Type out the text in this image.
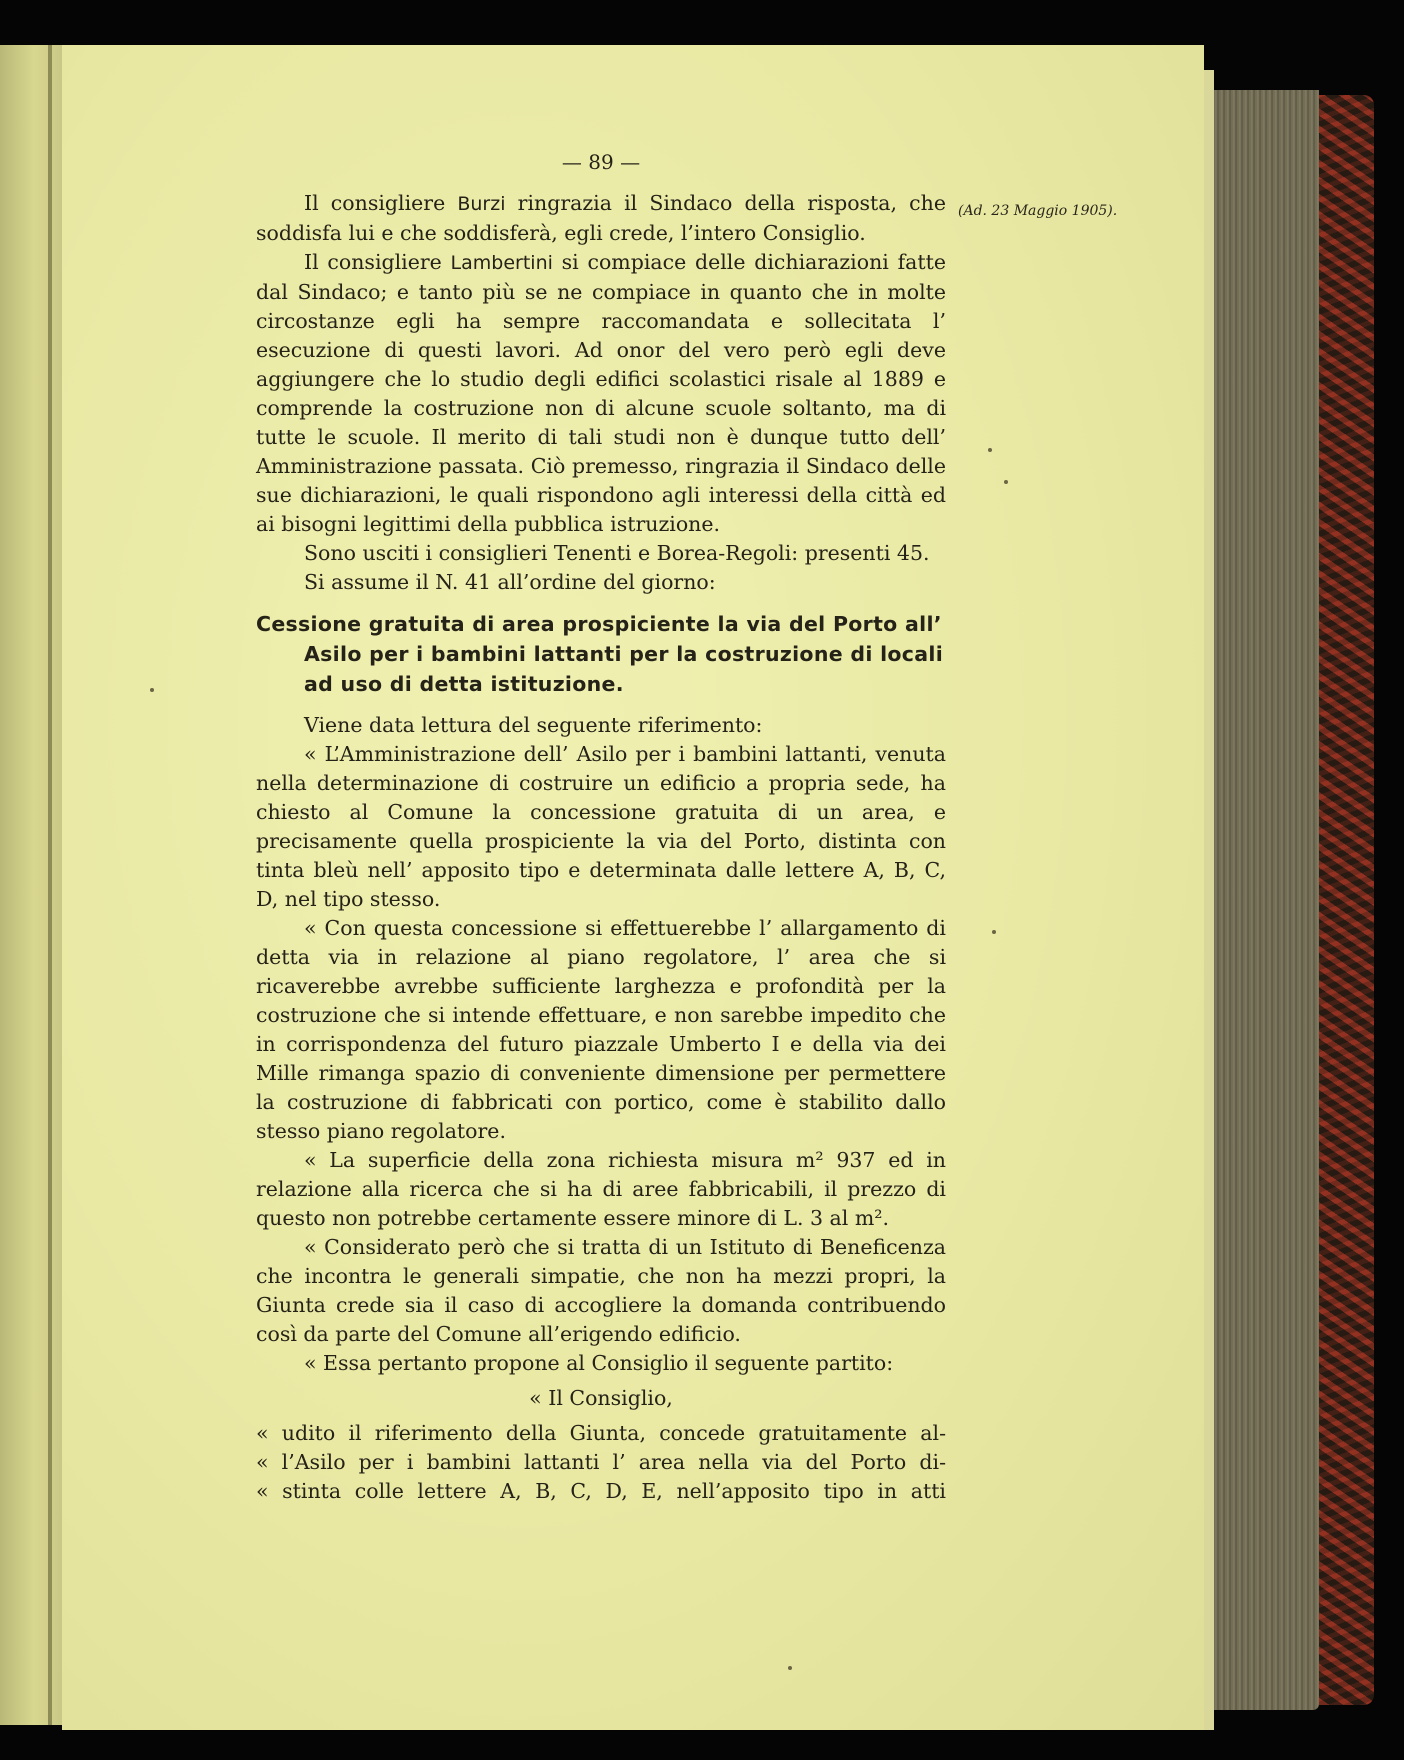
(Ad. 23 Maggio 1905).
— 89 —

Il consigliere Burzi ringrazia il Sindaco della risposta, che soddisfa lui e che soddisferà, egli crede, l’intero Consiglio.

Il consigliere Lambertini si compiace delle dichiarazioni fatte dal Sindaco; e tanto più se ne compiace in quanto che in molte circostanze egli ha sempre raccomandata e sollecitata l’ esecuzione di questi lavori. Ad onor del vero però egli deve aggiungere che lo studio degli edifici scolastici risale al 1889 e comprende la costruzione non di alcune scuole soltanto, ma di tutte le scuole. Il merito di tali studi non è dunque tutto dell’ Amministrazione passata. Ciò premesso, ringrazia il Sindaco delle sue dichiarazioni, le quali rispondono agli interessi della città ed ai bisogni legittimi della pubblica istruzione.

Sono usciti i consiglieri Tenenti e Borea-Regoli: presenti 45.

Si assume il N. 41 all’ordine del giorno:

Cessione gratuita di area prospiciente la via del Porto all’ Asilo per i bambini lattanti per la costruzione di locali ad uso di detta istituzione.

Viene data lettura del seguente riferimento:

« L’Amministrazione dell’ Asilo per i bambini lattanti, venuta nella determinazione di costruire un edificio a propria sede, ha chiesto al Comune la concessione gratuita di un area, e precisamente quella prospiciente la via del Porto, distinta con tinta bleù nell’ apposito tipo e determinata dalle lettere A, B, C, D, nel tipo stesso.

« Con questa concessione si effettuerebbe l’ allargamento di detta via in relazione al piano regolatore, l’ area che si ricaverebbe avrebbe sufficiente larghezza e profondità per la costruzione che si intende effettuare, e non sarebbe impedito che in corrispondenza del futuro piazzale Umberto I e della via dei Mille rimanga spazio di conveniente dimensione per permettere la costruzione di fabbricati con portico, come è stabilito dallo stesso piano regolatore.

« La superficie della zona richiesta misura m² 937 ed in relazione alla ricerca che si ha di aree fabbricabili, il prezzo di questo non potrebbe certamente essere minore di L. 3 al m².

« Considerato però che si tratta di un Istituto di Beneficenza che incontra le generali simpatie, che non ha mezzi propri, la Giunta crede sia il caso di accogliere la domanda contribuendo così da parte del Comune all’erigendo edificio.

« Essa pertanto propone al Consiglio il seguente partito:

« Il Consiglio,

« udito il riferimento della Giunta, concede gratuitamente al-

« l’Asilo per i bambini lattanti l’ area nella via del Porto di-

« stinta colle lettere A, B, C, D, E, nell’apposito tipo in atti
